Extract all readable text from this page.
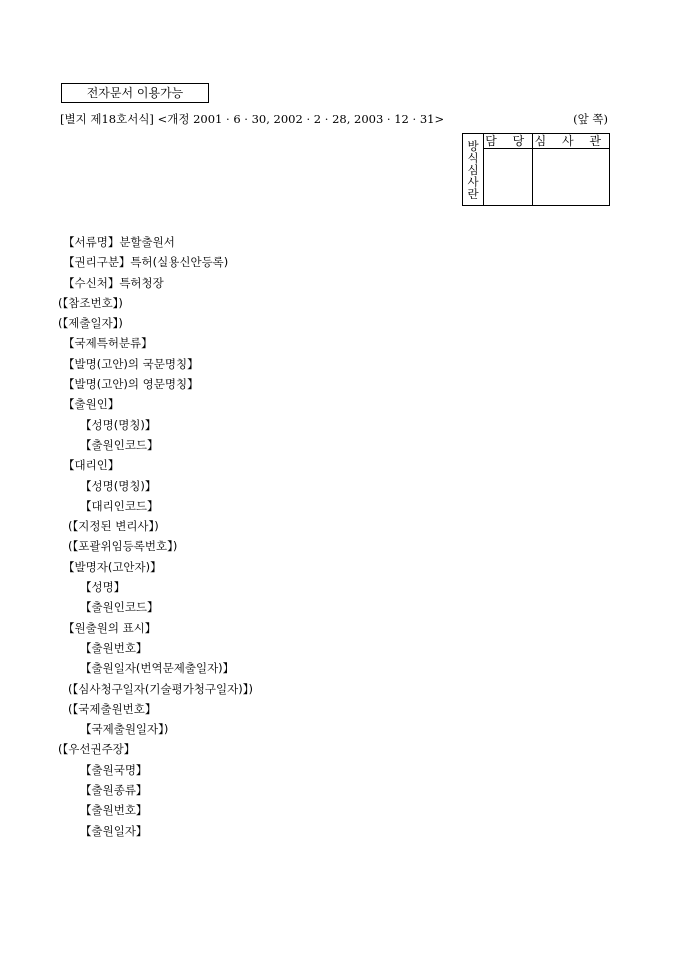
전자문서 이용가능
[별지 제18호서식] <개정 2001 · 6 · 30, 2002 · 2 · 28, 2003 · 12 · 31>	(앞 쪽)
방
식
심
사
란	담 당	심 사 관

【서류명】분할출원서
【권리구분】특허(실용신안등록)
【수신처】특허청장
(【참조번호】)
(【제출일자】)
【국제특허분류】
【발명(고안)의 국문명칭】
【발명(고안)의 영문명칭】
【출원인】
【성명(명칭)】
【출원인코드】
【대리인】
【성명(명칭)】
【대리인코드】
(【지정된 변리사】)
(【포괄위임등록번호】)
【발명자(고안자)】
【성명】
【출원인코드】
【원출원의 표시】
【출원번호】
【출원일자(번역문제출일자)】
(【심사청구일자(기술평가청구일자)】)
(【국제출원번호】
【국제출원일자】)
(【우선권주장】
【출원국명】
【출원종류】
【출원번호】
【출원일자】
